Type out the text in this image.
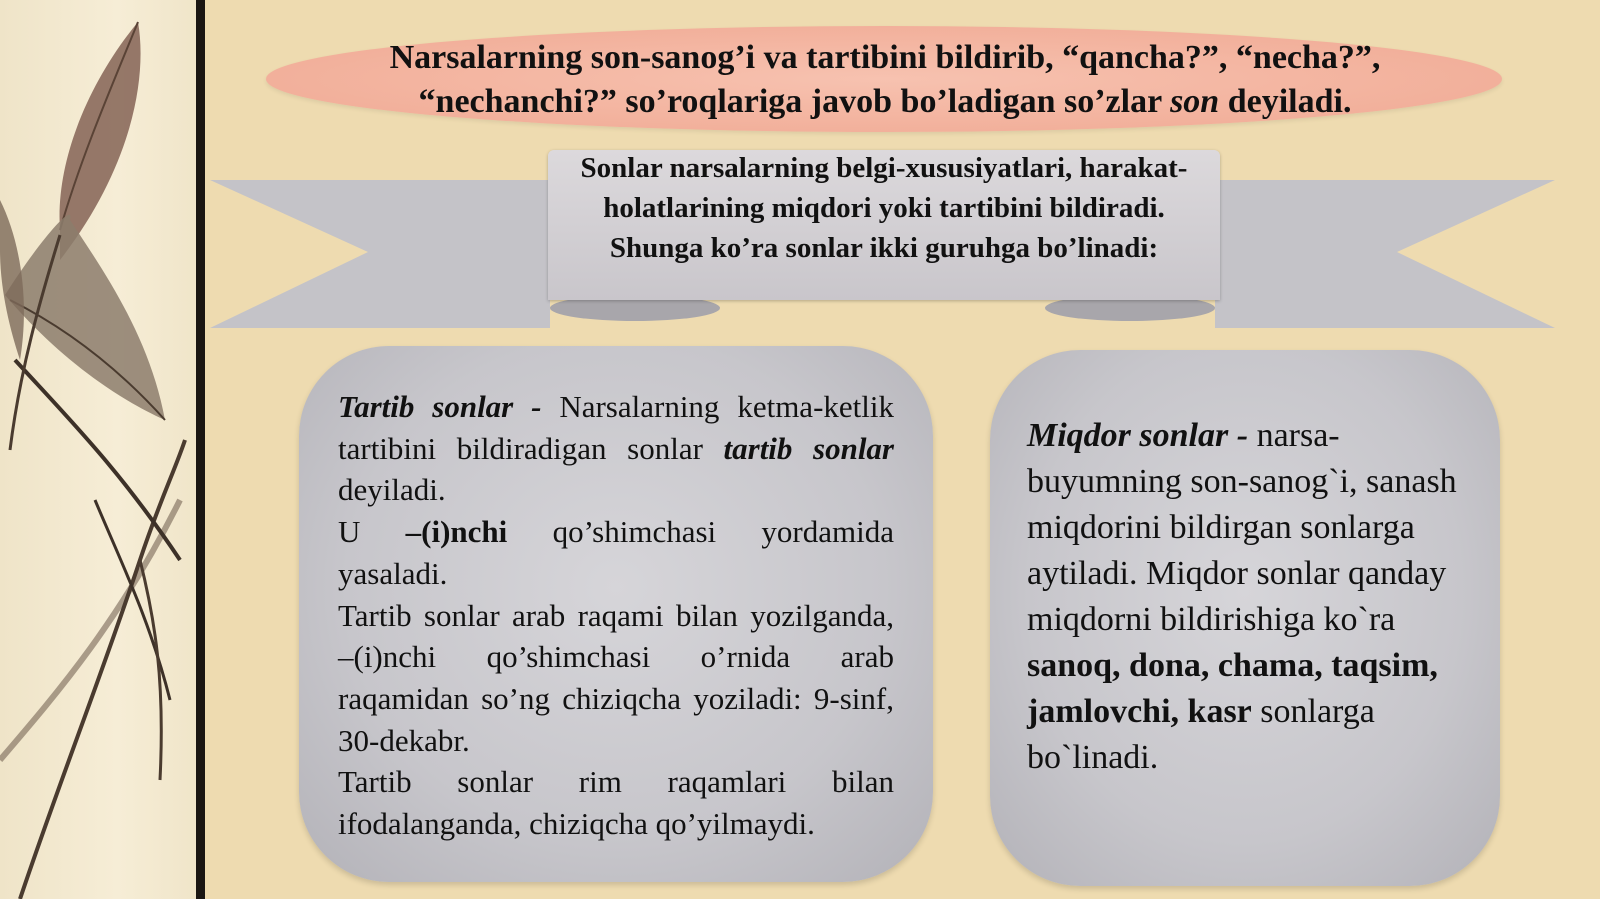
Narsalarning son-sanog’i va tartibini bildirib, “qancha?”, “necha?”,
“nechanchi?” so’roqlariga javob bo’ladigan so’zlar son deyiladi.
Sonlar narsalarning belgi-xususiyatlari, harakat-holatlarining miqdori yoki tartibini bildiradi. Shunga ko’ra sonlar ikki guruhga bo’linadi:

Tartib sonlar - Narsalarning ketma-ketlik tartibini bildiradigan sonlar tartib sonlar deyiladi.

U –(i)nchi qo’shimchasi yordamida yasaladi.

Tartib sonlar arab raqami bilan yozilganda, –(i)nchi qo’shimchasi o’rnida arab raqamidan so’ng chiziqcha yoziladi: 9-sinf, 30-dekabr.

Tartib sonlar rim raqamlari bilan ifodalanganda, chiziqcha qo’yilmaydi.

Miqdor sonlar - narsa-buyumning son-sanog`i, sanash miqdorini bildirgan sonlarga aytiladi. Miqdor sonlar qanday miqdorni bildirishiga ko`ra sanoq, dona, chama, taqsim, jamlovchi, kasr sonlarga bo`linadi.
